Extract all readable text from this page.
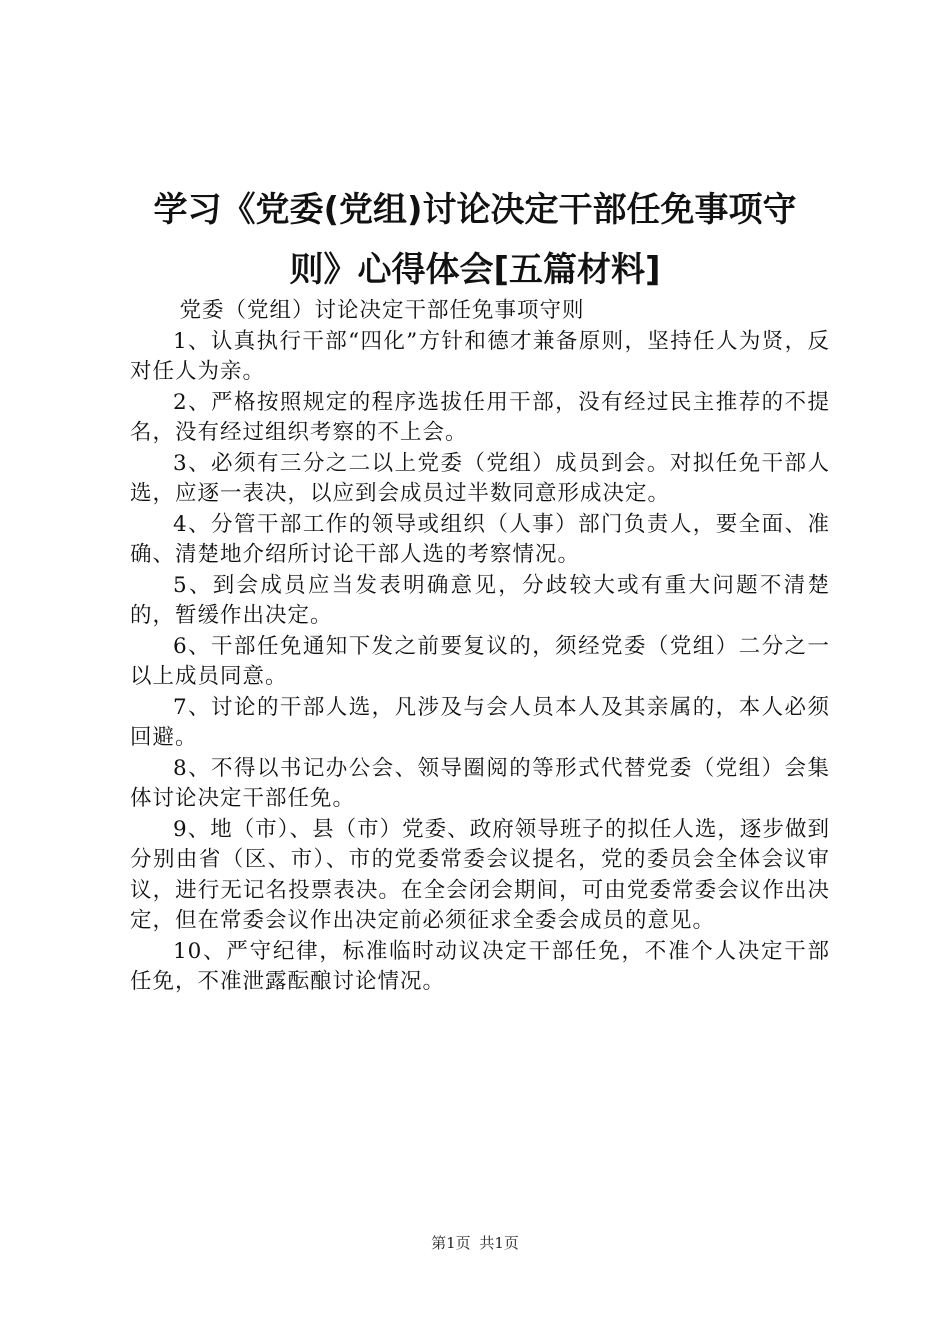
学习《党委(党组)讨论决定干部任免事项守
则》心得体会[五篇材料]

党委（党组）讨论决定干部任免事项守则

1、认真执行干部“四化”方针和德才兼备原则，坚持任人为贤，反对任人为亲。

2、严格按照规定的程序选拔任用干部，没有经过民主推荐的不提名，没有经过组织考察的不上会。

3、必须有三分之二以上党委（党组）成员到会。对拟任免干部人选，应逐一表决，以应到会成员过半数同意形成决定。

4、分管干部工作的领导或组织（人事）部门负责人，要全面、准确、清楚地介绍所讨论干部人选的考察情况。

5、到会成员应当发表明确意见，分歧较大或有重大问题不清楚的，暂缓作出决定。

6、干部任免通知下发之前要复议的，须经党委（党组）二分之一以上成员同意。

7、讨论的干部人选，凡涉及与会人员本人及其亲属的，本人必须回避。

8、不得以书记办公会、领导圈阅的等形式代替党委（党组）会集体讨论决定干部任免。

9、地（市）、县（市）党委、政府领导班子的拟任人选，逐步做到分别由省（区、市）、市的党委常委会议提名，党的委员会全体会议审议，进行无记名投票表决。在全会闭会期间，可由党委常委会议作出决定，但在常委会议作出决定前必须征求全委会成员的意见。

10、严守纪律，标准临时动议决定干部任免，不准个人决定干部任免，不准泄露酝酿讨论情况。

第1页 共1页
